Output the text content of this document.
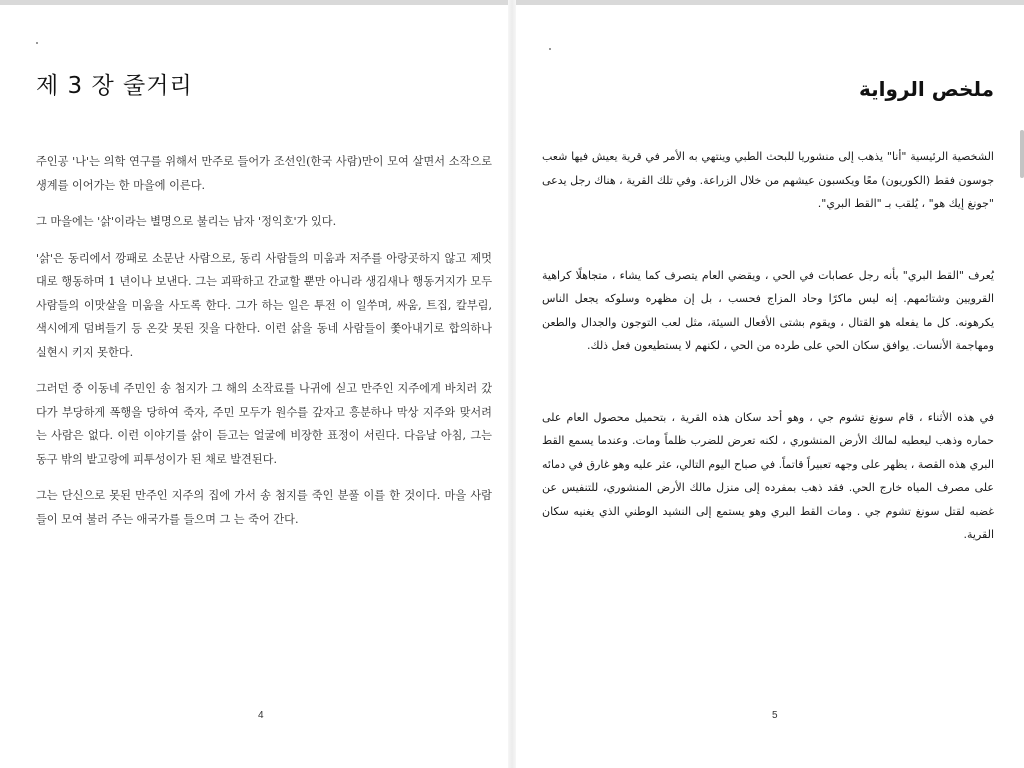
제 3 장 줄거리

주인공 '나'는 의학 연구를 위해서 만주로 들어가 조선인(한국 사람)만이 모여 살면서 소작으로 생계를 이어가는 한 마을에 이른다.

그 마을에는 '삵'이라는 별명으로 불리는 남자 '정익호'가 있다.

'삵'은 동리에서 깡패로 소문난 사람으로, 동리 사람들의 미움과 저주를 아랑곳하지 않고 제멋대로 행동하며 1 년이나 보낸다. 그는 괴팍하고 간교할 뿐만 아니라 생김새나 행동거지가 모두 사람들의 이맛살을 미움을 사도록 한다. 그가 하는 일은 투전 이 일쑤며, 싸움, 트집, 칼부림, 색시에게 덤벼들기 등 온갖 못된 짓을 다한다. 이런 삵을 동네 사람들이 쫓아내기로 합의하나 실현시 키지 못한다.

그러던 중 이동네 주민인 송 첨지가 그 해의 소작료를 나귀에 싣고 만주인 지주에게 바치러 갔다가 부당하게 폭행을 당하여 죽자, 주민 모두가 원수를 갚자고 흥분하나 막상 지주와 맞서려는 사람은 없다. 이런 이야기를 삵이 듣고는 얼굴에 비장한 표정이 서린다. 다음날 아침, 그는 동구 밖의 밭고랑에 피투성이가 된 채로 발견된다.

그는 단신으로 못된 만주인 지주의 집에 가서 송 첨지를 죽인 분풀 이를 한 것이다. 마을 사람들이 모여 불러 주는 애국가를 들으며 그 는 죽어 간다.

4
ملخص الرواية

الشخصية الرئيسية "أنا" يذهب إلى منشوريا للبحث الطبي وينتهي به الأمر في قرية يعيش فيها شعب جوسون فقط (الكوريون) معًا ويكسبون عيشهم من خلال الزراعة. وفي تلك القرية ، هناك رجل يدعى "جونغ إيك هو" ، يُلقب بـ "القط البري".

يُعرف "القط البري" بأنه رجل عصابات في الحي ، ويقضي العام يتصرف كما يشاء ، متجاهلًا كراهية القرويين وشتائمهم. إنه ليس ماكرًا وحاد المزاج فحسب ، بل إن مظهره وسلوكه يجعل الناس يكرهونه. كل ما يفعله هو القتال ، ويقوم بشتى الأفعال السيئة، مثل لعب التوجون والجدال والطعن ومهاجمة الأنسات. يوافق سكان الحي على طرده من الحي ، لكنهم لا يستطيعون فعل ذلك.

في هذه الأثناء ، قام سونغ تشوم جي ، وهو أحد سكان هذه القرية ، بتحميل محصول العام على حماره وذهب ليعطيه لمالك الأرض المنشوري ، لكنه تعرض للضرب ظلماً ومات. وعندما يسمع القط البري هذه القصة ، يظهر على وجهه تعبيراً قاتماً. في صباح اليوم التالي، عثر عليه وهو غارق في دمائه على مصرف المياه خارج الحي. فقد ذهب بمفرده إلى منزل مالك الأرض المنشوري، للتنفيس عن غضبه لقتل سونغ تشوم جي . ومات القط البري وهو يستمع إلى النشيد الوطني الذي يغنيه سكان القرية.

5
